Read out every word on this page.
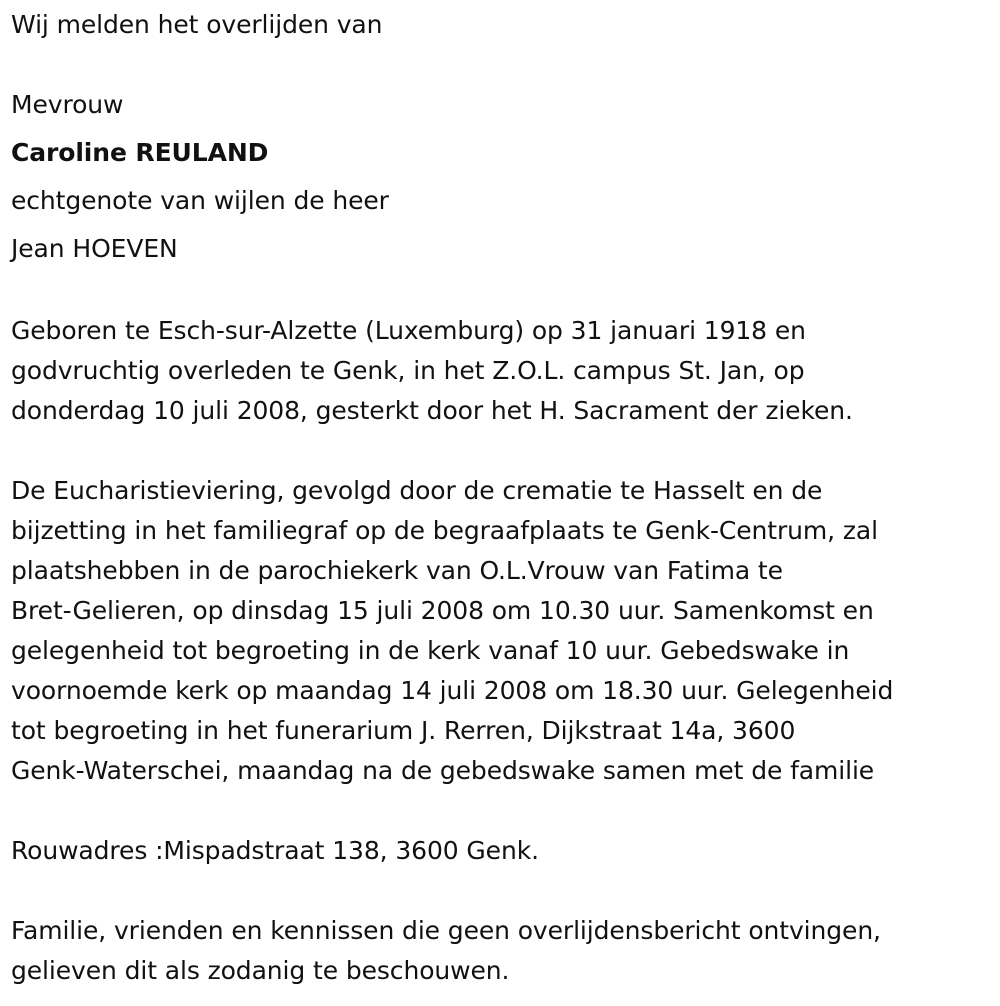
Wij melden het overlijden van
Mevrouw
Caroline REULAND
echtgenote van wijlen de heer
Jean HOEVEN
Geboren te Esch-sur-Alzette (Luxemburg) op 31 januari 1918 en
godvruchtig overleden te Genk, in het Z.O.L. campus St. Jan, op
donderdag 10 juli 2008, gesterkt door het H. Sacrament der zieken.
De Eucharistieviering, gevolgd door de crematie te Hasselt en de
bijzetting in het familiegraf op de begraafplaats te Genk-Centrum, zal
plaatshebben in de parochiekerk van O.L.Vrouw van Fatima te
Bret-Gelieren, op dinsdag 15 juli 2008 om 10.30 uur. Samenkomst en
gelegenheid tot begroeting in de kerk vanaf 10 uur. Gebedswake in
voornoemde kerk op maandag 14 juli 2008 om 18.30 uur. Gelegenheid
tot begroeting in het funerarium J. Rerren, Dijkstraat 14a, 3600
Genk-Waterschei, maandag na de gebedswake samen met de familie
Rouwadres :Mispadstraat 138, 3600 Genk.
Familie, vrienden en kennissen die geen overlijdensbericht ontvingen,
gelieven dit als zodanig te beschouwen.
